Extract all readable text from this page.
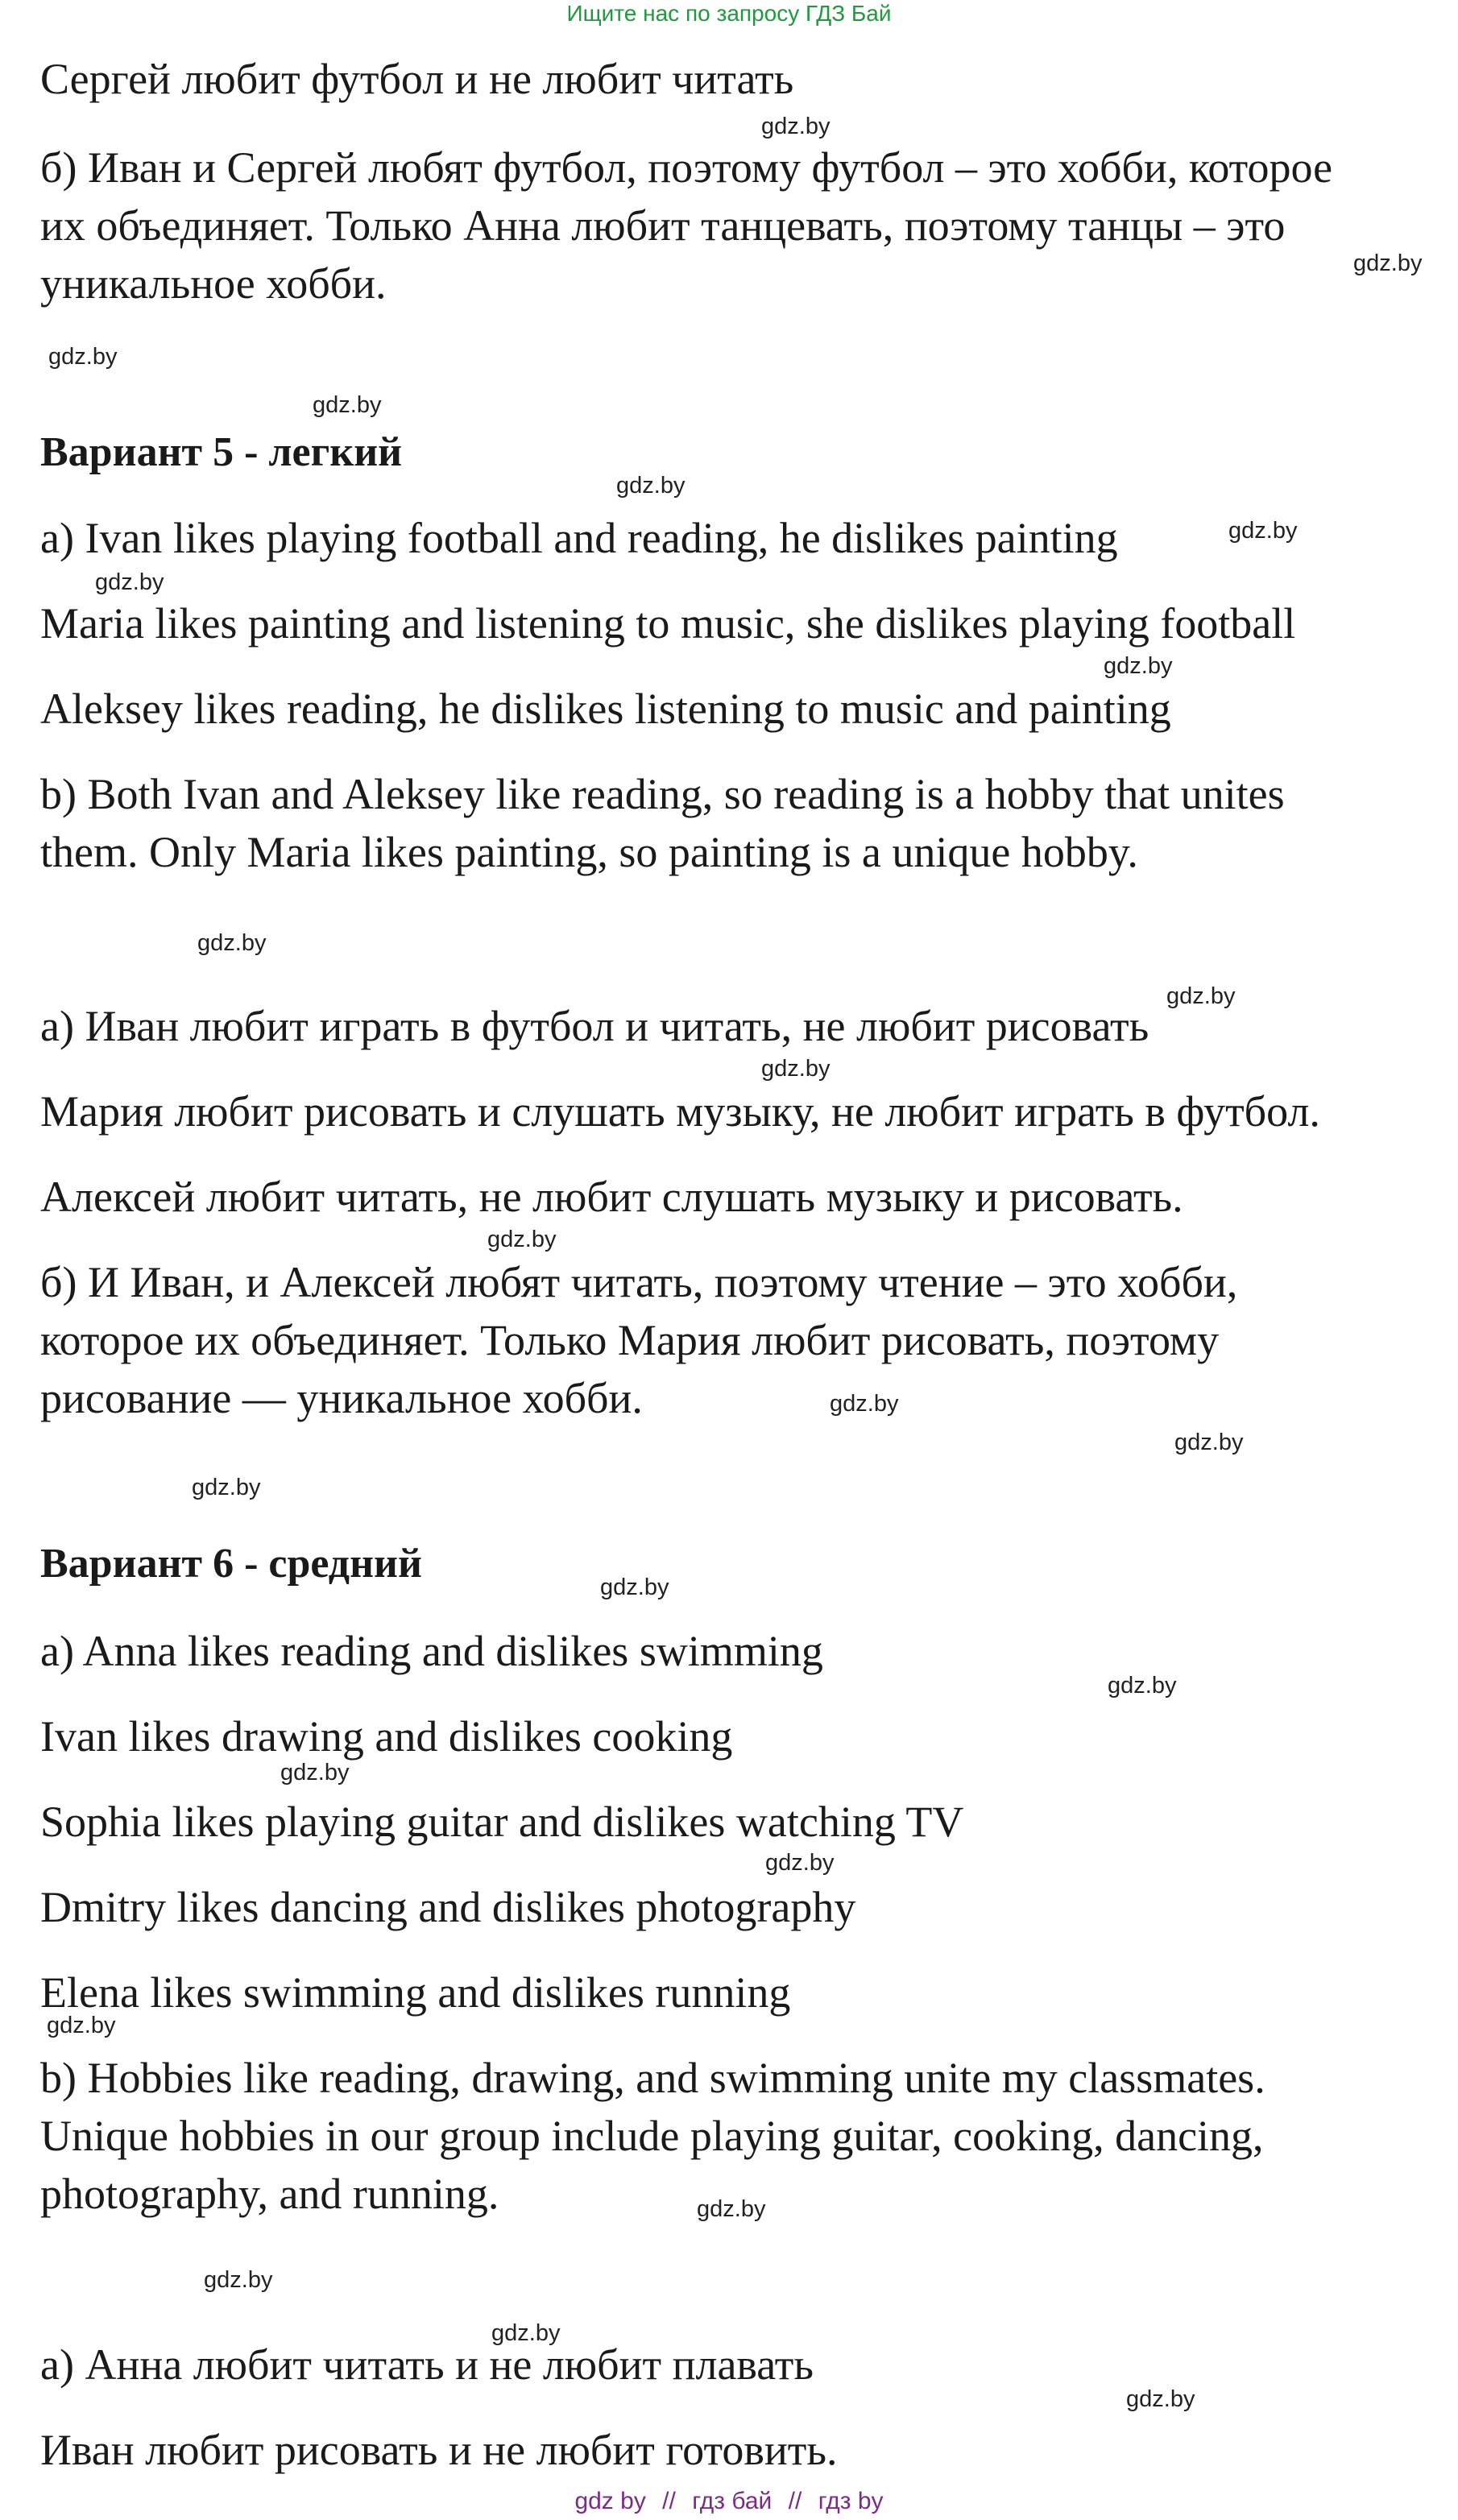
Ищите нас по запросу ГДЗ Бай
Сергей любит футбол и не любит читать
gdz.by
б) Иван и Сергей любят футбол, поэтому футбол – это хобби, которое
их объединяет. Только Анна любит танцевать, поэтому танцы – это
gdz.by
уникальное хобби.
gdz.by
gdz.by
Вариант 5 - легкий
gdz.by
a) Ivan likes playing football and reading, he dislikes painting	gdz.by
gdz.by
Maria likes painting and listening to music, she dislikes playing football
gdz.by
Aleksey likes reading, he dislikes listening to music and painting
b) Both Ivan and Aleksey like reading, so reading is a hobby that unites
them. Only Maria likes painting, so painting is a unique hobby.
gdz.by
gdz.by
а) Иван любит играть в футбол и читать, не любит рисовать
gdz.by
Мария любит рисовать и слушать музыку, не любит играть в футбол.
Алексей любит читать, не любит слушать музыку и рисовать.
gdz.by
б) И Иван, и Алексей любят читать, поэтому чтение – это хобби,
которое их объединяет. Только Мария любит рисовать, поэтому
рисование — уникальное хобби.	gdz.by
gdz.by
gdz.by
Вариант 6 - средний
gdz.by
a) Anna likes reading and dislikes swimming
gdz.by
Ivan likes drawing and dislikes cooking
gdz.by
Sophia likes playing guitar and dislikes watching TV
gdz.by
Dmitry likes dancing and dislikes photography
Elena likes swimming and dislikes running
gdz.by
b) Hobbies like reading, drawing, and swimming unite my classmates.
Unique hobbies in our group include playing guitar, cooking, dancing,
photography, and running.	gdz.by
gdz.by
gdz.by
а) Анна любит читать и не любит плавать
gdz.by
Иван любит рисовать и не любит готовить.
gdz by // гдз бай // гдз by
